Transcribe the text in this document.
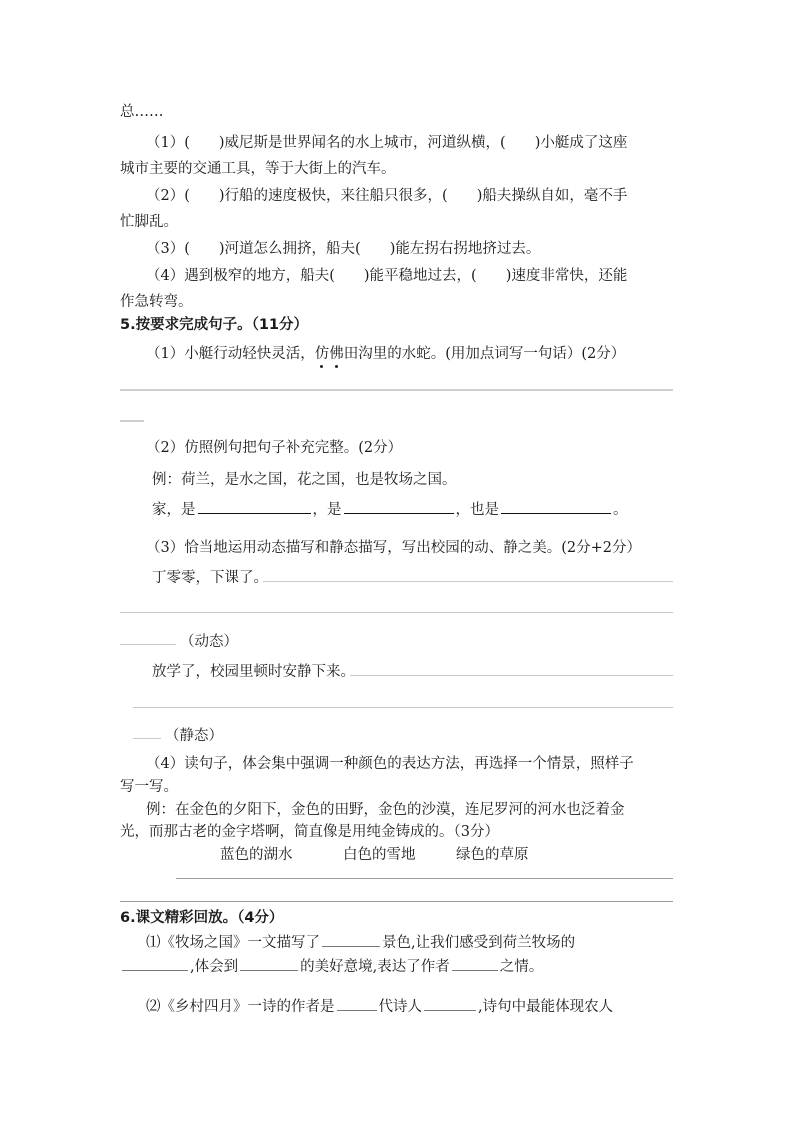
总……
（1）(　　)威尼斯是世界闻名的水上城市，河道纵横，(　　)小艇成了这座
城市主要的交通工具，等于大街上的汽车。
（2）(　　)行船的速度极快，来往船只很多，(　　)船夫操纵自如，毫不手
忙脚乱。
（3）(　　)河道怎么拥挤，船夫(　　)能左拐右拐地挤过去。
（4）遇到极窄的地方，船夫(　　)能平稳地过去，(　　)速度非常快，还能
作急转弯。
5.按要求完成句子。（11分）
（1）小艇行动轻快灵活，仿佛田沟里的水蛇。(用加点词写一句话）(2分）
（2）仿照例句把句子补充完整。(2分）
例：荷兰，是水之国，花之国，也是牧场之国。
家，是	，是	，也是	。
（3）恰当地运用动态描写和静态描写，写出校园的动、静之美。(2分+2分）
丁零零，下课了。
（动态）
放学了，校园里顿时安静下来。
（静态）
（4）读句子，体会集中强调一种颜色的表达方法，再选择一个情景，照样子
写一写。
例：在金色的夕阳下，金色的田野，金色的沙漠，连尼罗河的河水也泛着金
光，而那古老的金字塔啊，简直像是用纯金铸成的。（3分）
蓝色的湖水	白色的雪地	绿色的草原
6.课文精彩回放。（4分）
⑴《牧场之国》一文描写了	景色,让我们感受到荷兰牧场的
,体会到	的美好意境,表达了作者	之情。
⑵《乡村四月》一诗的作者是	代诗人	,诗句中最能体现农人
